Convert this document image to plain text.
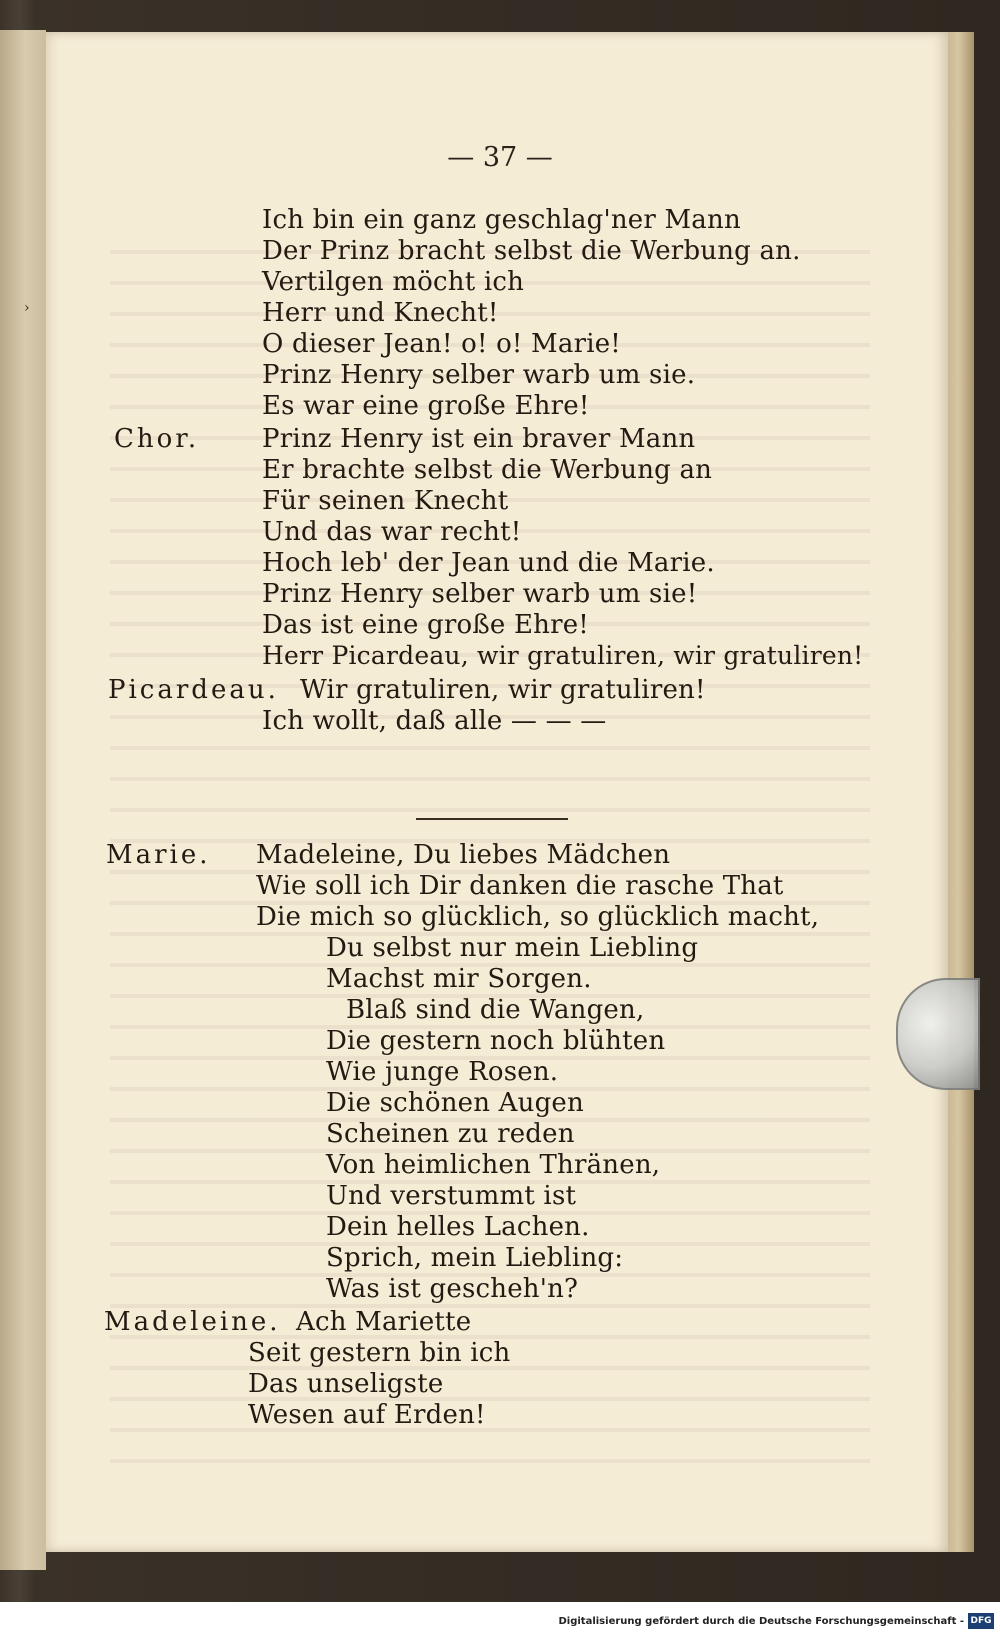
›
— 37 —
Ich bin ein ganz geschlag'ner Mann
Der Prinz bracht selbst die Werbung an.
Vertilgen möcht ich
Herr und Knecht!
O dieser Jean! o! o! Marie!
Prinz Henry selber warb um sie.
Es war eine große Ehre!
Chor. Prinz Henry ist ein braver Mann
Er brachte selbst die Werbung an
Für seinen Knecht
Und das war recht!
Hoch leb' der Jean und die Marie.
Prinz Henry selber warb um sie!
Das ist eine große Ehre!
Herr Picardeau, wir gratuliren, wir gratuliren!
Picardeau. Wir gratuliren, wir gratuliren!
Ich wollt, daß alle — — —
Marie. Madeleine, Du liebes Mädchen
Wie soll ich Dir danken die rasche That
Die mich so glücklich, so glücklich macht,
Du selbst nur mein Liebling
Machst mir Sorgen.
Blaß sind die Wangen,
Die gestern noch blühten
Wie junge Rosen.
Die schönen Augen
Scheinen zu reden
Von heimlichen Thränen,
Und verstummt ist
Dein helles Lachen.
Sprich, mein Liebling:
Was ist gescheh'n?
Madeleine. Ach Mariette
Seit gestern bin ich
Das unseligste
Wesen auf Erden!
Digitalisierung gefördert durch die Deutsche Forschungsgemeinschaft - DFG
